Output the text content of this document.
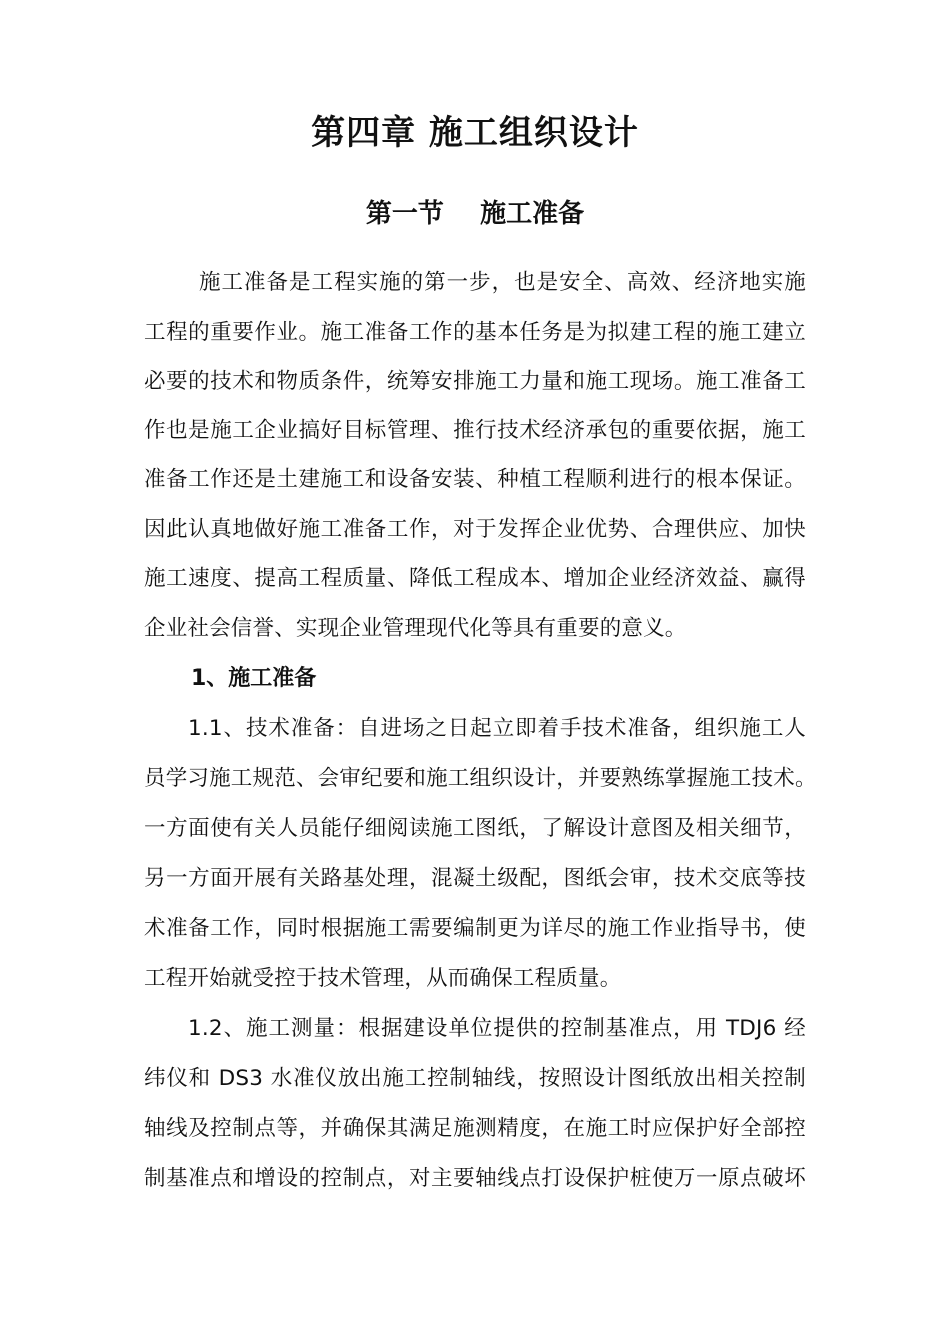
第四章 施工组织设计
第一节    施工准备
施工准备是工程实施的第一步，也是安全、高效、经济地实施
工程的重要作业。施工准备工作的基本任务是为拟建工程的施工建立
必要的技术和物质条件，统筹安排施工力量和施工现场。施工准备工
作也是施工企业搞好目标管理、推行技术经济承包的重要依据，施工
准备工作还是土建施工和设备安装、种植工程顺利进行的根本保证。
因此认真地做好施工准备工作，对于发挥企业优势、合理供应、加快
施工速度、提高工程质量、降低工程成本、增加企业经济效益、赢得
企业社会信誉、实现企业管理现代化等具有重要的意义。
1、施工准备
1.1、技术准备：自进场之日起立即着手技术准备，组织施工人
员学习施工规范、会审纪要和施工组织设计，并要熟练掌握施工技术。
一方面使有关人员能仔细阅读施工图纸，了解设计意图及相关细节，
另一方面开展有关路基处理，混凝土级配，图纸会审，技术交底等技
术准备工作，同时根据施工需要编制更为详尽的施工作业指导书，使
工程开始就受控于技术管理，从而确保工程质量。
1.2、施工测量：根据建设单位提供的控制基准点，用 TDJ6 经
纬仪和 DS3 水准仪放出施工控制轴线，按照设计图纸放出相关控制
轴线及控制点等，并确保其满足施测精度，在施工时应保护好全部控
制基准点和增设的控制点，对主要轴线点打设保护桩使万一原点破坏
